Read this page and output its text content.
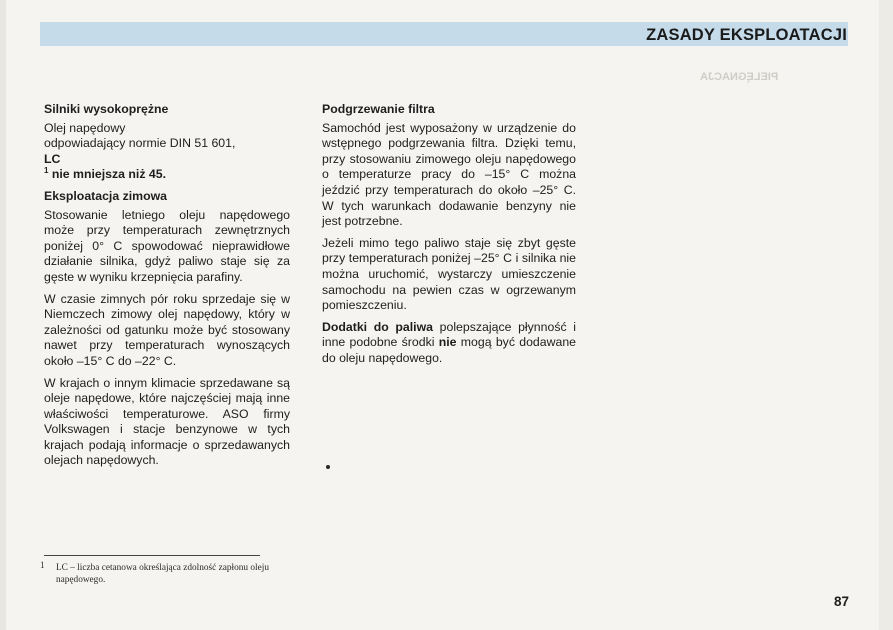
ZASADY EKSPLOATACJI
PIELĘGNACJA
Silniki wysokoprężne

Olej napędowy
odpowiadający normie DIN 51 601,
LC
$^1$ nie mniejsza niż 45.

Eksploatacja zimowa

Stosowanie letniego oleju napędowego może przy temperaturach zewnętrznych poniżej 0° C spowodować nieprawidłowe działanie silnika, gdyż paliwo staje się za gęste w wyniku krzepnięcia parafiny.

W czasie zimnych pór roku sprzedaje się w Niemczech zimowy olej napędowy, który w zależności od gatunku może być stosowany nawet przy temperaturach wynoszących około –15° C do –22° C.

W krajach o innym klimacie sprzedawane są oleje napędowe, które najczęściej mają inne właściwości temperaturowe. ASO firmy Volkswagen i stacje benzynowe w tych krajach podają informacje o sprzedawanych olejach napędowych.

Podgrzewanie filtra

Samochód jest wyposażony w urządzenie do wstępnego podgrzewania filtra. Dzięki temu, przy stosowaniu zimowego oleju napędowego o temperaturze pracy do –15° C można jeździć przy temperaturach do około –25° C. W tych warunkach dodawanie benzyny nie jest potrzebne.

Jeżeli mimo tego paliwo staje się zbyt gęste przy temperaturach poniżej –25° C i silnika nie można uruchomić, wystarczy umieszczenie samochodu na pewien czas w ogrzewanym pomieszczeniu.

Dodatki do paliwa polepszające płynność i inne podobne środki nie mogą być dodawane do oleju napędowego.

1	LC – liczba cetanowa określająca zdolność zapłonu oleju napędowego.
87
